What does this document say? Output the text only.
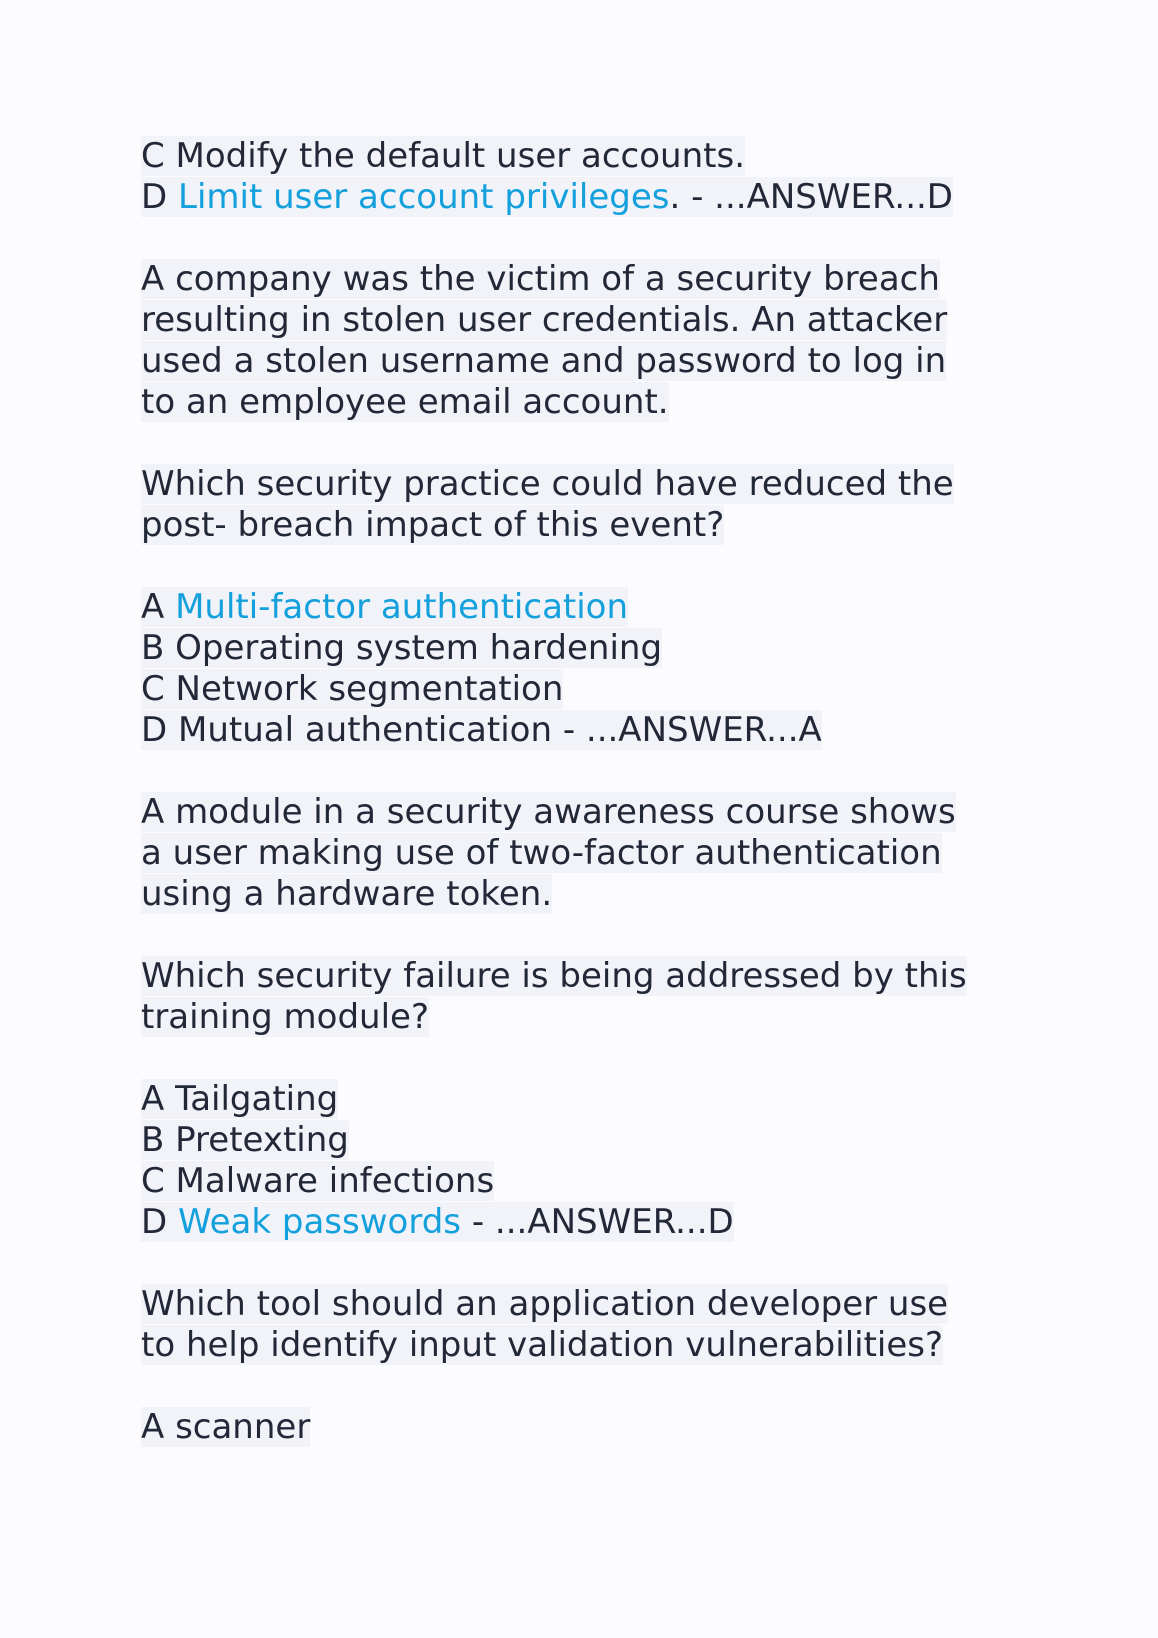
C Modify the default user accounts.
D Limit user account privileges. - ...ANSWER...D
A company was the victim of a security breach
resulting in stolen user credentials. An attacker
used a stolen username and password to log in
to an employee email account.
Which security practice could have reduced the
post- breach impact of this event?
A Multi-factor authentication
B Operating system hardening
C Network segmentation
D Mutual authentication - ...ANSWER...A
A module in a security awareness course shows
a user making use of two-factor authentication
using a hardware token.
Which security failure is being addressed by this
training module?
A Tailgating
B Pretexting
C Malware infections
D Weak passwords - ...ANSWER...D
Which tool should an application developer use
to help identify input validation vulnerabilities?
A scanner
